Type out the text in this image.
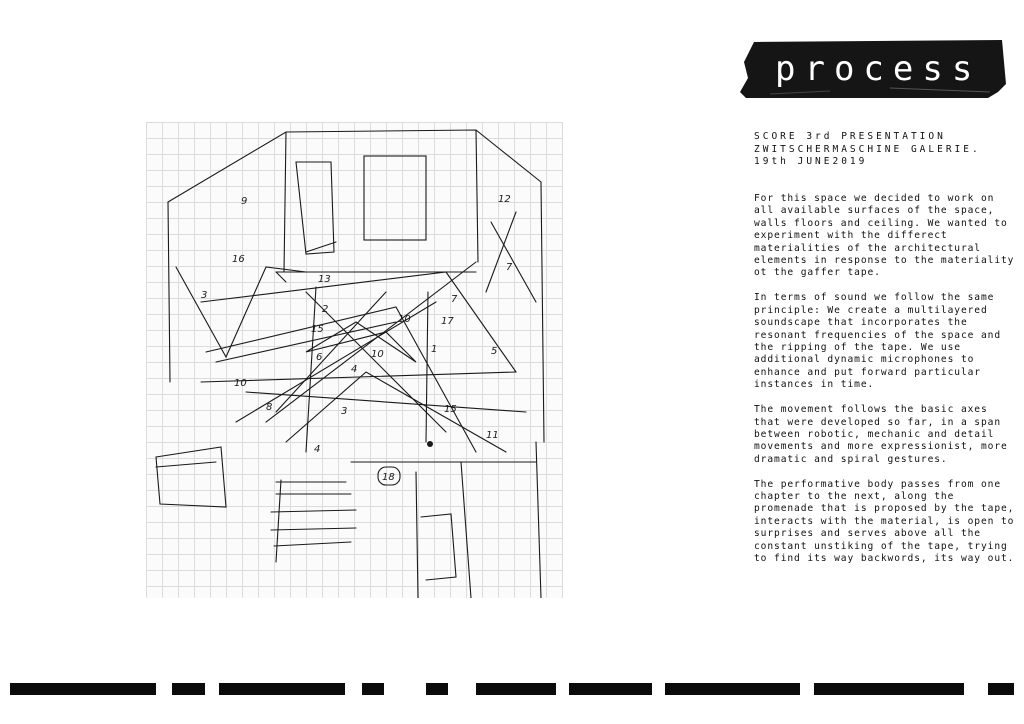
9
16
3
13
2
15
6
4
10
10	17
7
12
7
1	5
10
8	3	15
4
11
18
process
SCORE 3rd PRESENTATION
ZWITSCHERMASCHINE GALERIE.
19th JUNE2019

For this space we decided to work on all available surfaces of the space, walls floors and ceiling. We wanted to experiment with the differect materialities of the architectural elements in response to the materiality ot the gaffer tape.

In terms of sound we follow the same principle: We create a multilayered soundscape that incorporates the resonant frequencies of the space and the ripping of the tape. We use additional dynamic microphones to enhance and put forward particular instances in time.

The movement follows the basic axes that were developed so far, in a span between robotic, mechanic and detail movements and more expressionist, more dramatic and spiral gestures.

The performative body passes from one chapter to the next, along the promenade that is proposed by the tape, interacts with the material, is open to surprises and serves above all the constant unstiking of the tape, trying to find its way backwords, its way out.
